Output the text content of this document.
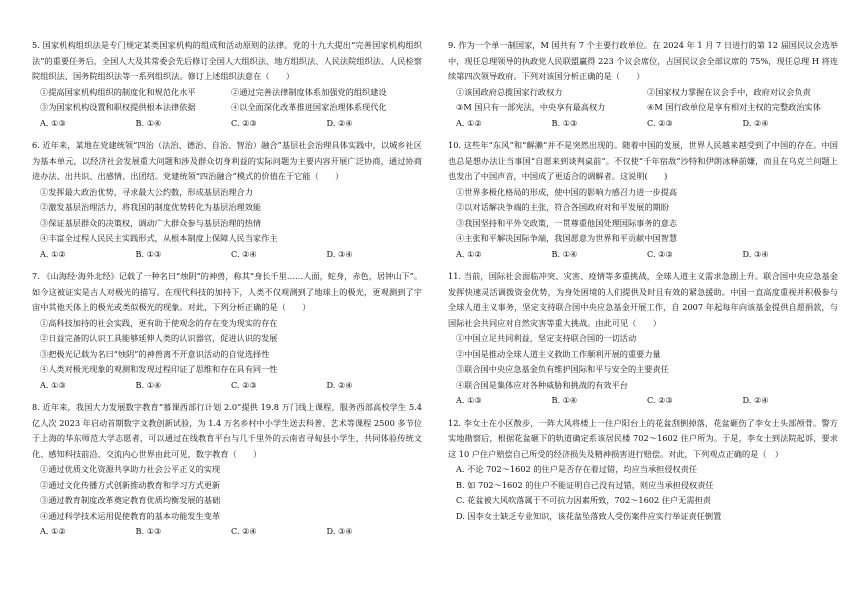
5. 国家机构组织法是专门规定某类国家机构的组成和活动原则的法律。党的十九大提出“完善国家机构组织法”的重要任务后，全国人大及其常委会先后修订全国人大组织法、地方组织法、人民法院组织法、人民检察院组织法、国务院组织法等一系列组织法。修订上述组织法意在（　　）

①提高国家机构组织的制度化和规范化水平	②通过完善法律制度体系加强党的组织建设
③为国家机构设置和职权提供根本法律依据	④以全面深化改革推进国家治理体系现代化
A. ①③	B. ①④	C. ②③	D. ②④

6. 近年来，某地在党建统领“四治（法治、德治、自治、智治）融合”基层社会治理具体实践中，以城乡社区为基本单元，以经济社会发展重大问题和涉及群众切身利益的实际问题为主要内容开展广泛协商，通过协商进办法、出共识、出感情、出团结。党建统领“四治融合”模式的价值在于它能（　　）

①发挥最大政治优势，寻求最大公约数，形成基层治理合力

②激发基层治理活力，将我国的制度优势转化为基层治理效能

③保证基层群众的决策权，调动广大群众参与基层治理的热情

④丰富全过程人民民主实践形式，从根本制度上保障人民当家作主

A. ①②	B. ①③	C. ②④	D. ③④

7. 《山海经·海外北经》记载了一种名曰“烛阴”的神兽，称其“身长千里……人面，蛇身，赤色，居钟山下”。如今这被证实是古人对极光的描写。在现代科技的加持下，人类不仅观测到了地球上的极光，更观测到了宇宙中其他天体上的极光或类似极光的现象。对此，下列分析正确的是（　　）

①高科技加持的社会实践，更有助于使观念的存在变为现实的存在

②日益完备的认识工具能够延伸人类的认识器官，促进认识的发展

③把极光记载为名曰“烛阴”的神兽离不开意识活动的自觉选择性

④人类对极光现象的观测和发现过程印证了思维和存在具有同一性

A. ①③	B. ①④	C. ②③	D. ②④

8. 近年来，我国大力发展数字教育“慕课西部行计划 2.0”提供 19.8 万门线上课程，服务西部高校学生 5.4 亿人次 2023 年启动首期数字文教创新试验，为 1.4 万名乡村中小学生送去科普、艺术等课程 2500 多节位于上海的华东师范大学志愿者，可以通过在线教育平台与几千里外的云南省寻甸县小学生，共同体验传统文化、感知科技前沿、交流内心世界由此可见，数字教育（　　）

①通过优质文化资源共享助力社会公平正义的实现

②通过文化传播方式创新推动教育和学习方式更新

③通过教育制度改革奠定教育优质均衡发展的基础

④通过科学技术运用促使教育的基本功能发生变革

A. ①②	B. ①③	C. ②④	D. ③④

9. 作为一个单一制国家，M 国共有 7 个主要行政单位。在 2024 年 1 月 7 日进行的第 12 届国民议会选举中，现任总理领导的执政党人民联盟赢得 223 个议会席位，占国民议会全部议席的 75%，现任总理 H 将连续第四次领导政府。下列对该国分析正确的是（　　）

①该国政府总揽国家行政权力	②国家权力掌握在议会手中，政府对议会负责
③M 国只有一部宪法，中央享有最高权力	④M 国行政单位是享有相对主权的完整政治实体
A. ①②	B. ①③	C. ②③	D. ②④

10. 这些年“东风”和“解濑”并不是突然出现的。随着中国的发展，世界人民越来越受到了中国的存在。中国也总是想办法让当事国“自愿来到谈判桌前”。不仅使“千年宿敌”沙特和伊朗冰释前嫌，而且在乌克兰问题上也发出了中国声音，中国成了更适合的调解者。这说明(　　)

①世界多极化格局的形成，使中国的影响力感召力进一步提高

②以对话解决争端的主张，符合各国政府对和平发展的期盼

③我国坚持和平外交政策，一贯尊重他国处理国际事务的意志

④主张和平解决国际争端，我国愿意为世界和平贡献中国智慧

A. ①②	B. ①④	C. ②③	D. ③④

11. 当前，国际社会面临冲突、灾害、疫情等多重挑战，全球人道主义需求急剧上升。联合国中央应急基金发挥快速灵活调拨资金优势，为身处困境的人们提供及时且有效的紧急援助。中国一直高度重视并积极参与全球人道主义事务，坚定支持联合国中央应急基金开展工作，自 2007 年起每年向该基金提供自愿捐款，与国际社会共同应对自然灾害等重大挑战。由此可见（　　）

①中国立足共同利益，坚定支持联合国的一切活动

②中国是推动全球人道主义救助工作顺利开展的重要力量

③联合国中央应急基金负有维护国际和平与安全的主要责任

④联合国是集体应对各种威胁和挑战的有效平台

A. ①③	B. ①④	C. ②③	D. ②④

12. 李女士在小区散步，一阵大风将楼上一住户阳台上的花盆刮倒掉落，花盆砸伤了李女士头部颅骨。警方实地勘察后，根据花盆砸下的轨道确定系该居民楼 702～1602 住户所为。于是，李女士到法院起诉，要求这 10 户住户赔偿自己所受的经济损失及精神损害进行赔偿。对此，下列观点正确的是（　）

A. 不论 702～1602 的住户是否存在着过错，均应当承担侵权责任

B. 如 702～1602 的住户不能证明自己没有过错，则应当承担侵权责任

C. 花盆被大风吹落属于不可抗力因素所致，702～1602 住户无需担责

D. 因李女士缺乏专业知识，该花盆坠落致人受伤案件应实行举证责任倒置
